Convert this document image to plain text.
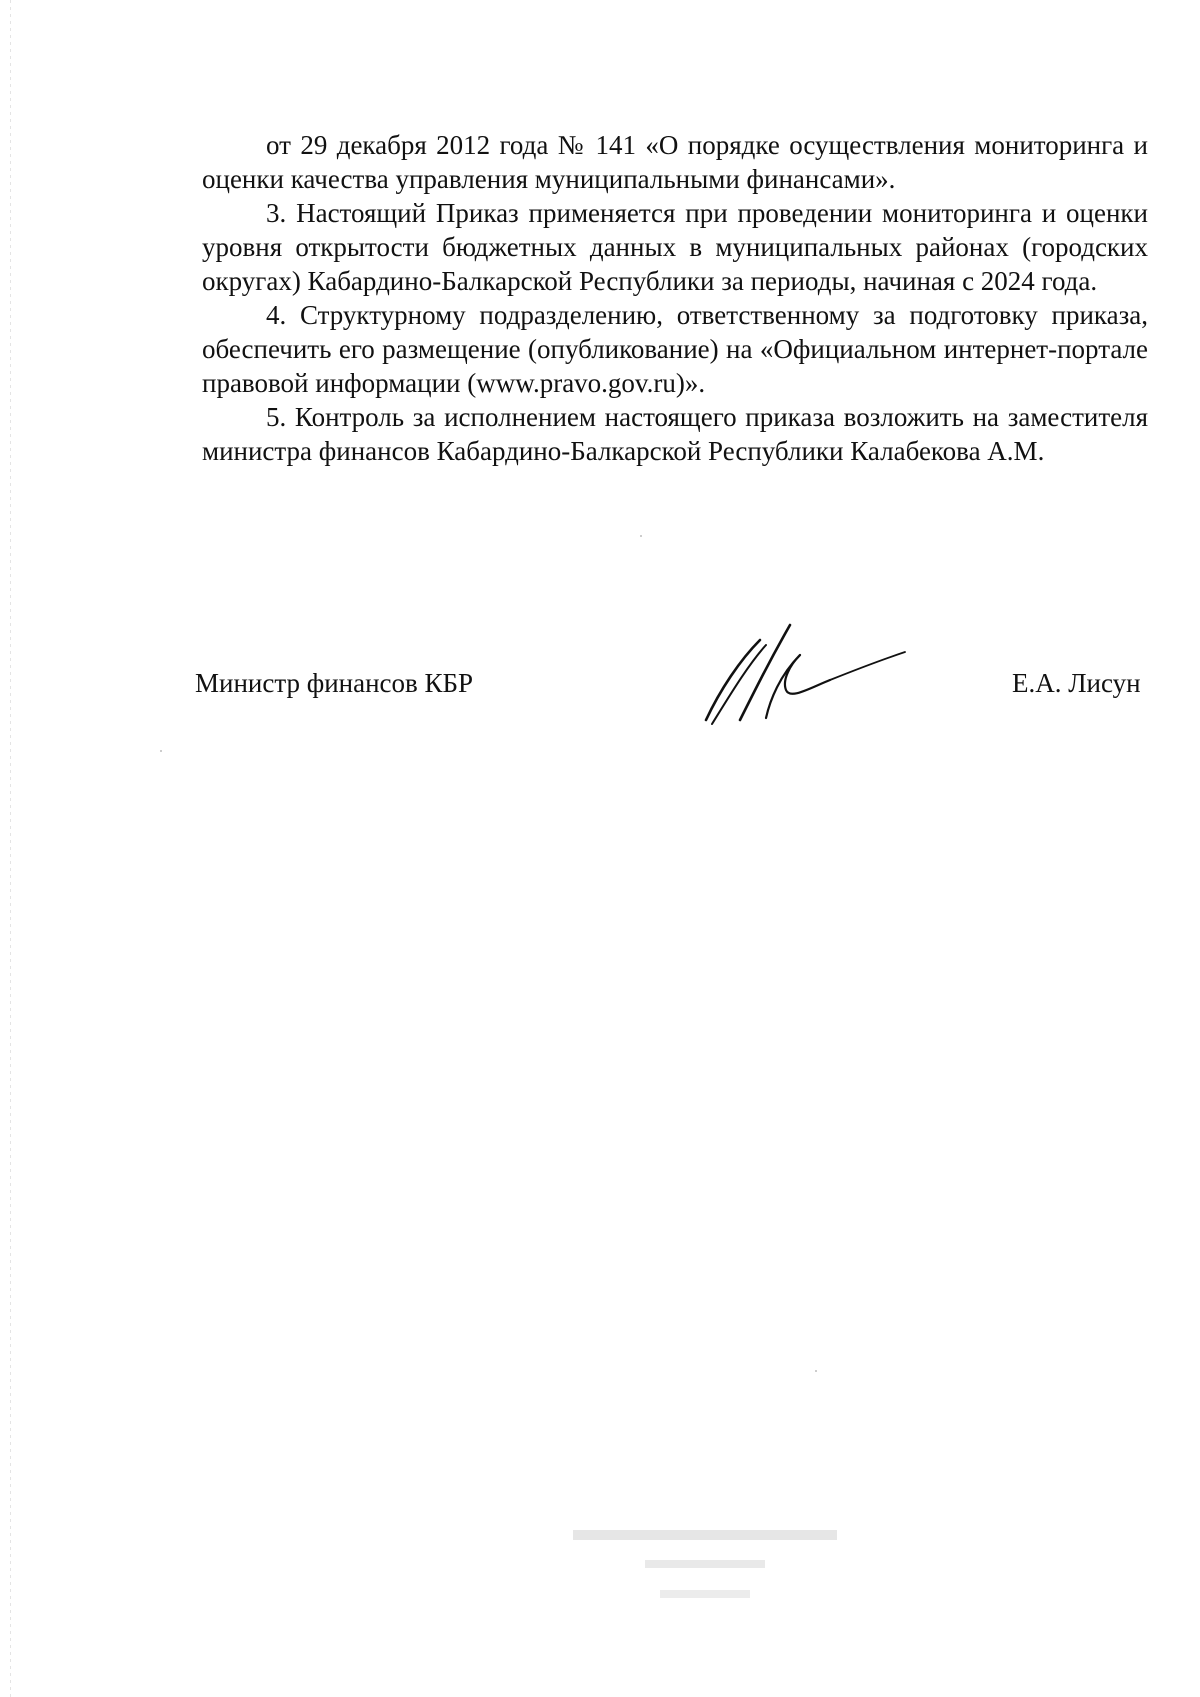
от 29 декабря 2012 года № 141 «О порядке осуществления мониторинга и оценки качества управления муниципальными финансами».

3. Настоящий Приказ применяется при проведении мониторинга и оценки уровня открытости бюджетных данных в муниципальных районах (городских округах) Кабардино-Балкарской Республики за периоды, начиная с 2024 года.

4. Структурному подразделению, ответственному за подготовку приказа, обеспечить его размещение (опубликование) на «Официальном интернет-портале правовой информации (www.pravo.gov.ru)».

5. Контроль за исполнением настоящего приказа возложить на заместителя министра финансов Кабардино-Балкарской Республики Калабекова А.М.

Министр финансов КБР	Е.А. Лисун
